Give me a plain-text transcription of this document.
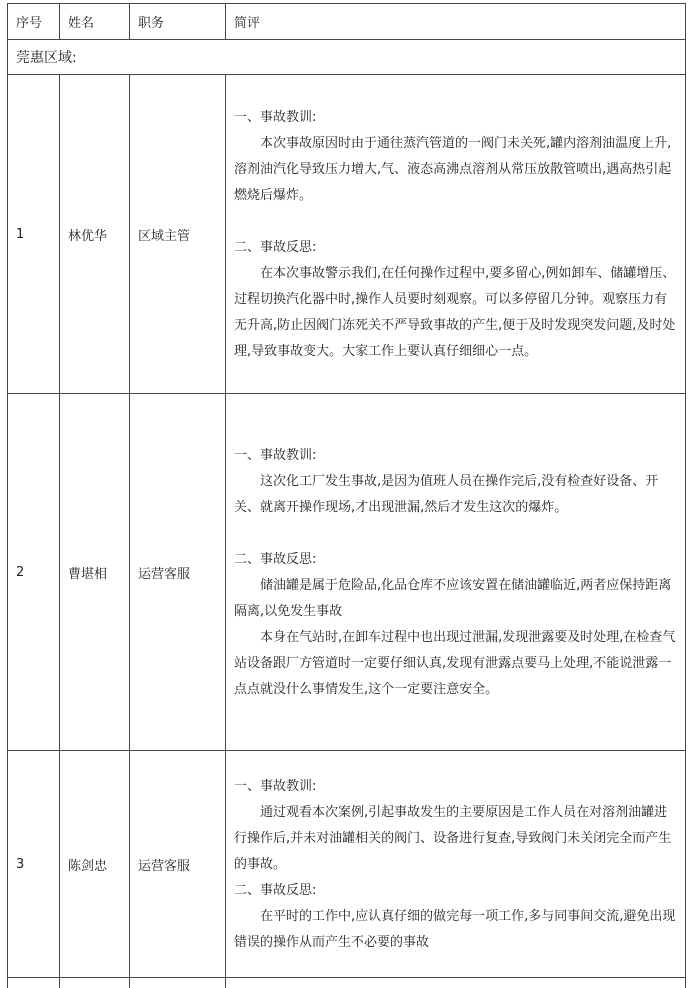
序号	姓名	职务	简评
莞惠区域:			
1	林优华	区域主管	一、事故教训:

本次事故原因时由于通往蒸汽管道的一阀门未关死,罐内溶剂油温度上升,溶剂油汽化导致压力增大,气、液态高沸点溶剂从常压放散管喷出,遇高热引起燃烧后爆炸。

二、事故反思:

在本次事故警示我们,在任何操作过程中,要多留心,例如卸车、储罐增压、过程切换汽化器中时,操作人员要时刻观察。可以多停留几分钟。观察压力有无升高,防止因阀门冻死关不严导致事故的产生,便于及时发现突发问题,及时处理,导致事故变大。大家工作上要认真仔细细心一点。

2	曹堪相	运营客服	一、事故教训:

这次化工厂发生事故,是因为值班人员在操作完后,没有检查好设备、开关、就离开操作现场,才出现泄漏,然后才发生这次的爆炸。

二、事故反思:

储油罐是属于危险品,化品仓库不应该安置在储油罐临近,两者应保持距离隔离,以免发生事故

本身在气站时,在卸车过程中也出现过泄漏,发现泄露要及时处理,在检查气站设备跟厂方管道时一定要仔细认真,发现有泄露点要马上处理,不能说泄露一点点就没什么事情发生,这个一定要注意安全。

3	陈剑忠	运营客服	一、事故教训:

通过观看本次案例,引起事故发生的主要原因是工作人员在对溶剂油罐进行操作后,并未对油罐相关的阀门、设备进行复查,导致阀门未关闭完全而产生的事故。

二、事故反思:

在平时的工作中,应认真仔细的做完每一项工作,多与同事间交流,避免出现错误的操作从而产生不必要的事故
